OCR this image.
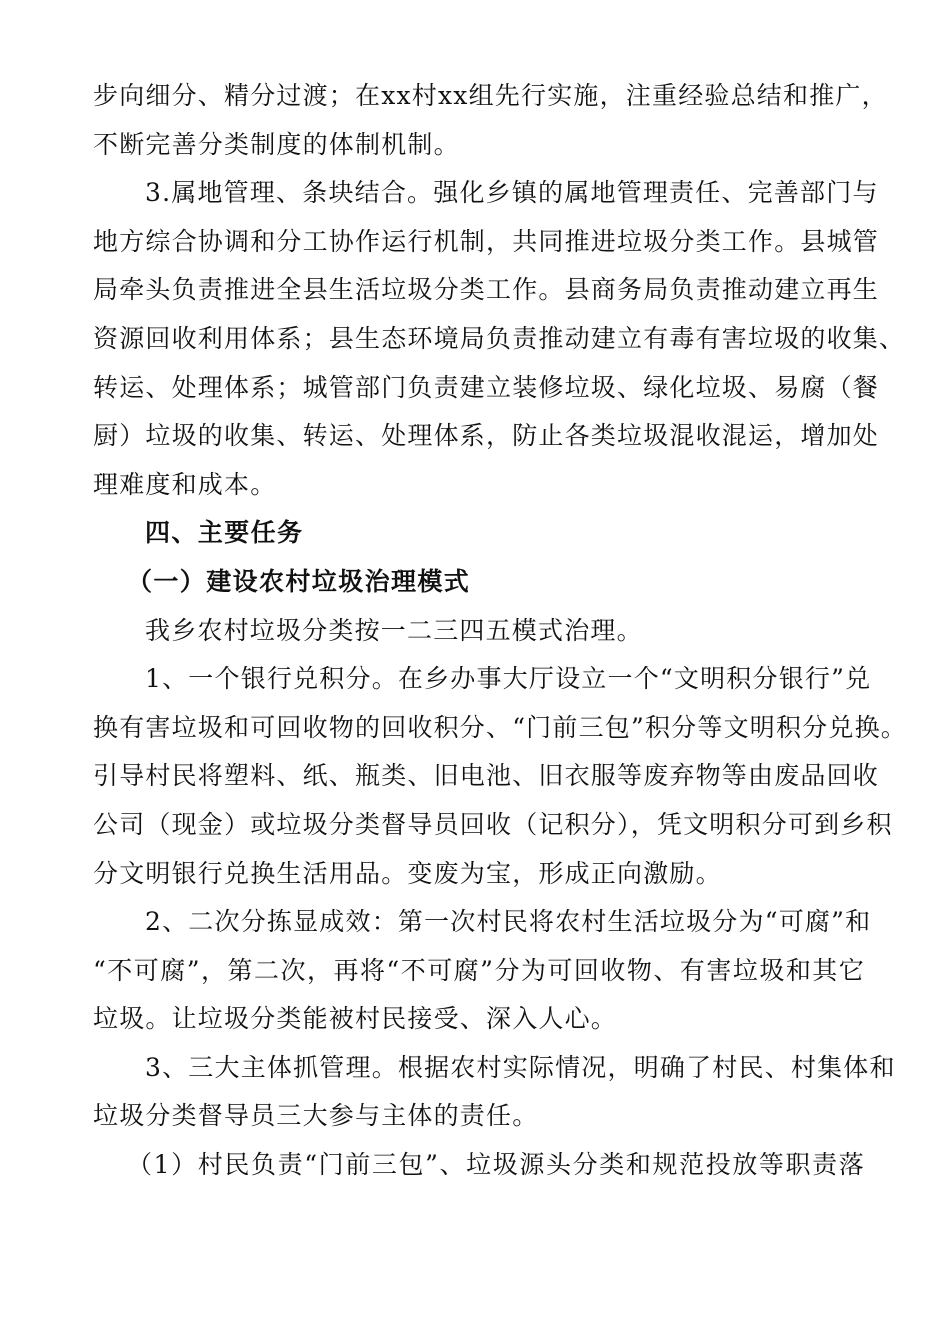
步向细分、精分过渡；在xx村xx组先行实施，注重经验总结和推广，
不断完善分类制度的体制机制。
3.属地管理、条块结合。强化乡镇的属地管理责任、完善部门与
地方综合协调和分工协作运行机制，共同推进垃圾分类工作。县城管
局牵头负责推进全县生活垃圾分类工作。县商务局负责推动建立再生
资源回收利用体系；县生态环境局负责推动建立有毒有害垃圾的收集、
转运、处理体系；城管部门负责建立装修垃圾、绿化垃圾、易腐（餐
厨）垃圾的收集、转运、处理体系，防止各类垃圾混收混运，增加处
理难度和成本。
四、主要任务
（一）建设农村垃圾治理模式
我乡农村垃圾分类按一二三四五模式治理。
1、一个银行兑积分。在乡办事大厅设立一个“文明积分银行”兑
换有害垃圾和可回收物的回收积分、“门前三包”积分等文明积分兑换。
引导村民将塑料、纸、瓶类、旧电池、旧衣服等废弃物等由废品回收
公司（现金）或垃圾分类督导员回收（记积分），凭文明积分可到乡积
分文明银行兑换生活用品。变废为宝，形成正向激励。
2、二次分拣显成效：第一次村民将农村生活垃圾分为“可腐”和
“不可腐”，第二次，再将“不可腐”分为可回收物、有害垃圾和其它
垃圾。让垃圾分类能被村民接受、深入人心。
3、三大主体抓管理。根据农村实际情况，明确了村民、村集体和
垃圾分类督导员三大参与主体的责任。
（1）村民负责“门前三包”、垃圾源头分类和规范投放等职责落
